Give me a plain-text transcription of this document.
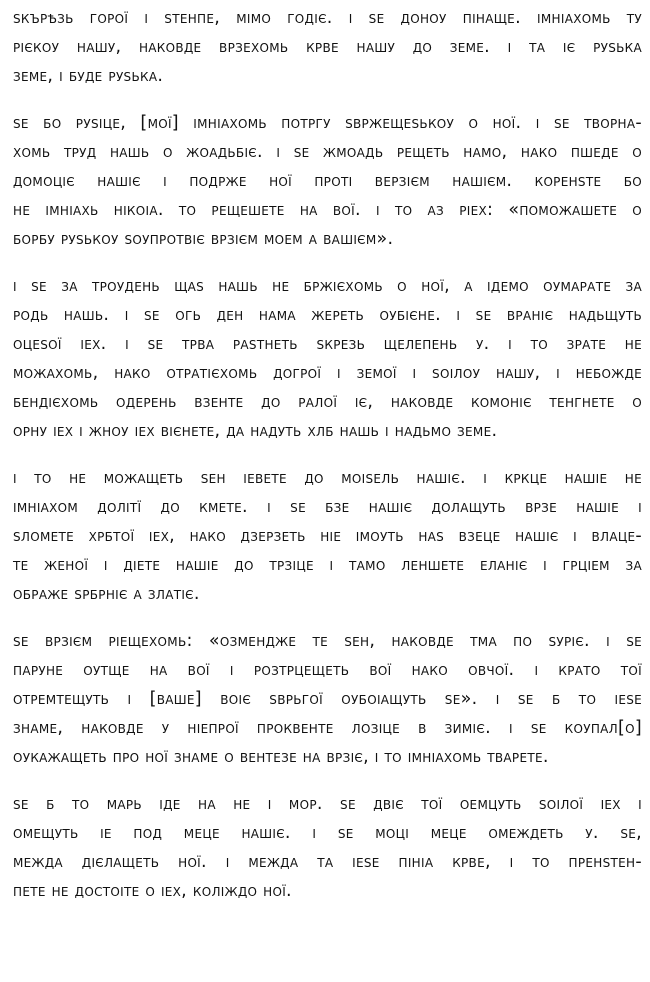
ѕкърѣзь горої і ѕтенпе, мімо годіє. і ѕе доноу пінаще. імніахомь ту
рієкоу нашу, наковде врзехомь крве нашу до земе. і та іє руѕька
земе, і буде руѕька.
ѕе бо руѕіце, [мої] імніахомь потргу ѕвржещеѕькоу о ної. і ѕе творна-
хомь труд нашь о жоадьбіє. і ѕе жмоадь рещеть намо, нако пшеде о
домоціє нашіє і подрже ної проті верзієм нашієм. коренѕте бо
не імніахь нікоіа. то рещешете на вої. і то аз ріех: «поможашете о
борбу руѕькоу ѕоупротвіє врзієм моем а вашієм».
і ѕе за троудень щаѕ нашь не бржієхомь о ної, а ідемо оумарате за
родь нашь. і ѕе огь ден нама жереть оубієне. і ѕе враніє надьщуть
оцеѕої іех. і ѕе трва раѕтнеть ѕкрезь щелепень у. і то зрате не
можахомь, нако отратієхомь догрої і земої і ѕоілоу нашу, і небожде
бендієхомь одерень взенте до ралої іє, наковде комоніє тенгнете о
орну іех і жноу іех вієнете, да надуть хлб нашь і надьмо земе.
і то не можащеть ѕен іевете до моіѕель нашіє. і кркце нашіе не
імніахом долітї до кмете. і ѕе бзе нашіє долащуть врзе нашіе і
ѕломете хрбтої іех, нако дзерзеть ніе імоуть наѕ взеце нашіє і влаце-
те женої і діете нашіе до трзіце і тамо леншете еланіє і грціем за
ображе ѕрбрніє а златіє.
ѕе врзієм ріещехомь: «озмендже те ѕен, наковде тма по ѕуріє. і ѕе
паруне оутще на вої і розтрцещеть вої нако овчої. і крато тої
отремтещуть і [ваше] воіє ѕврьгої оубоіащуть ѕе». і ѕе б то іеѕе
знаме, наковде у ніепрої проквенте лозіце в зиміє. і ѕе коупал[о]
оукажащеть про ної знаме о вентезе на врзіє, і то імніахомь тварете.
ѕе б то марь іде на не і мор. ѕе двіє тої оемцуть ѕоілої іех і
омещуть іе под меце нашіє. і ѕе моці меце омеждеть у. ѕе,
межда дієлащеть ної. і межда та іеѕе пініа крве, і то пренѕтен-
пете не достоіте о іех, коліждо ної.
